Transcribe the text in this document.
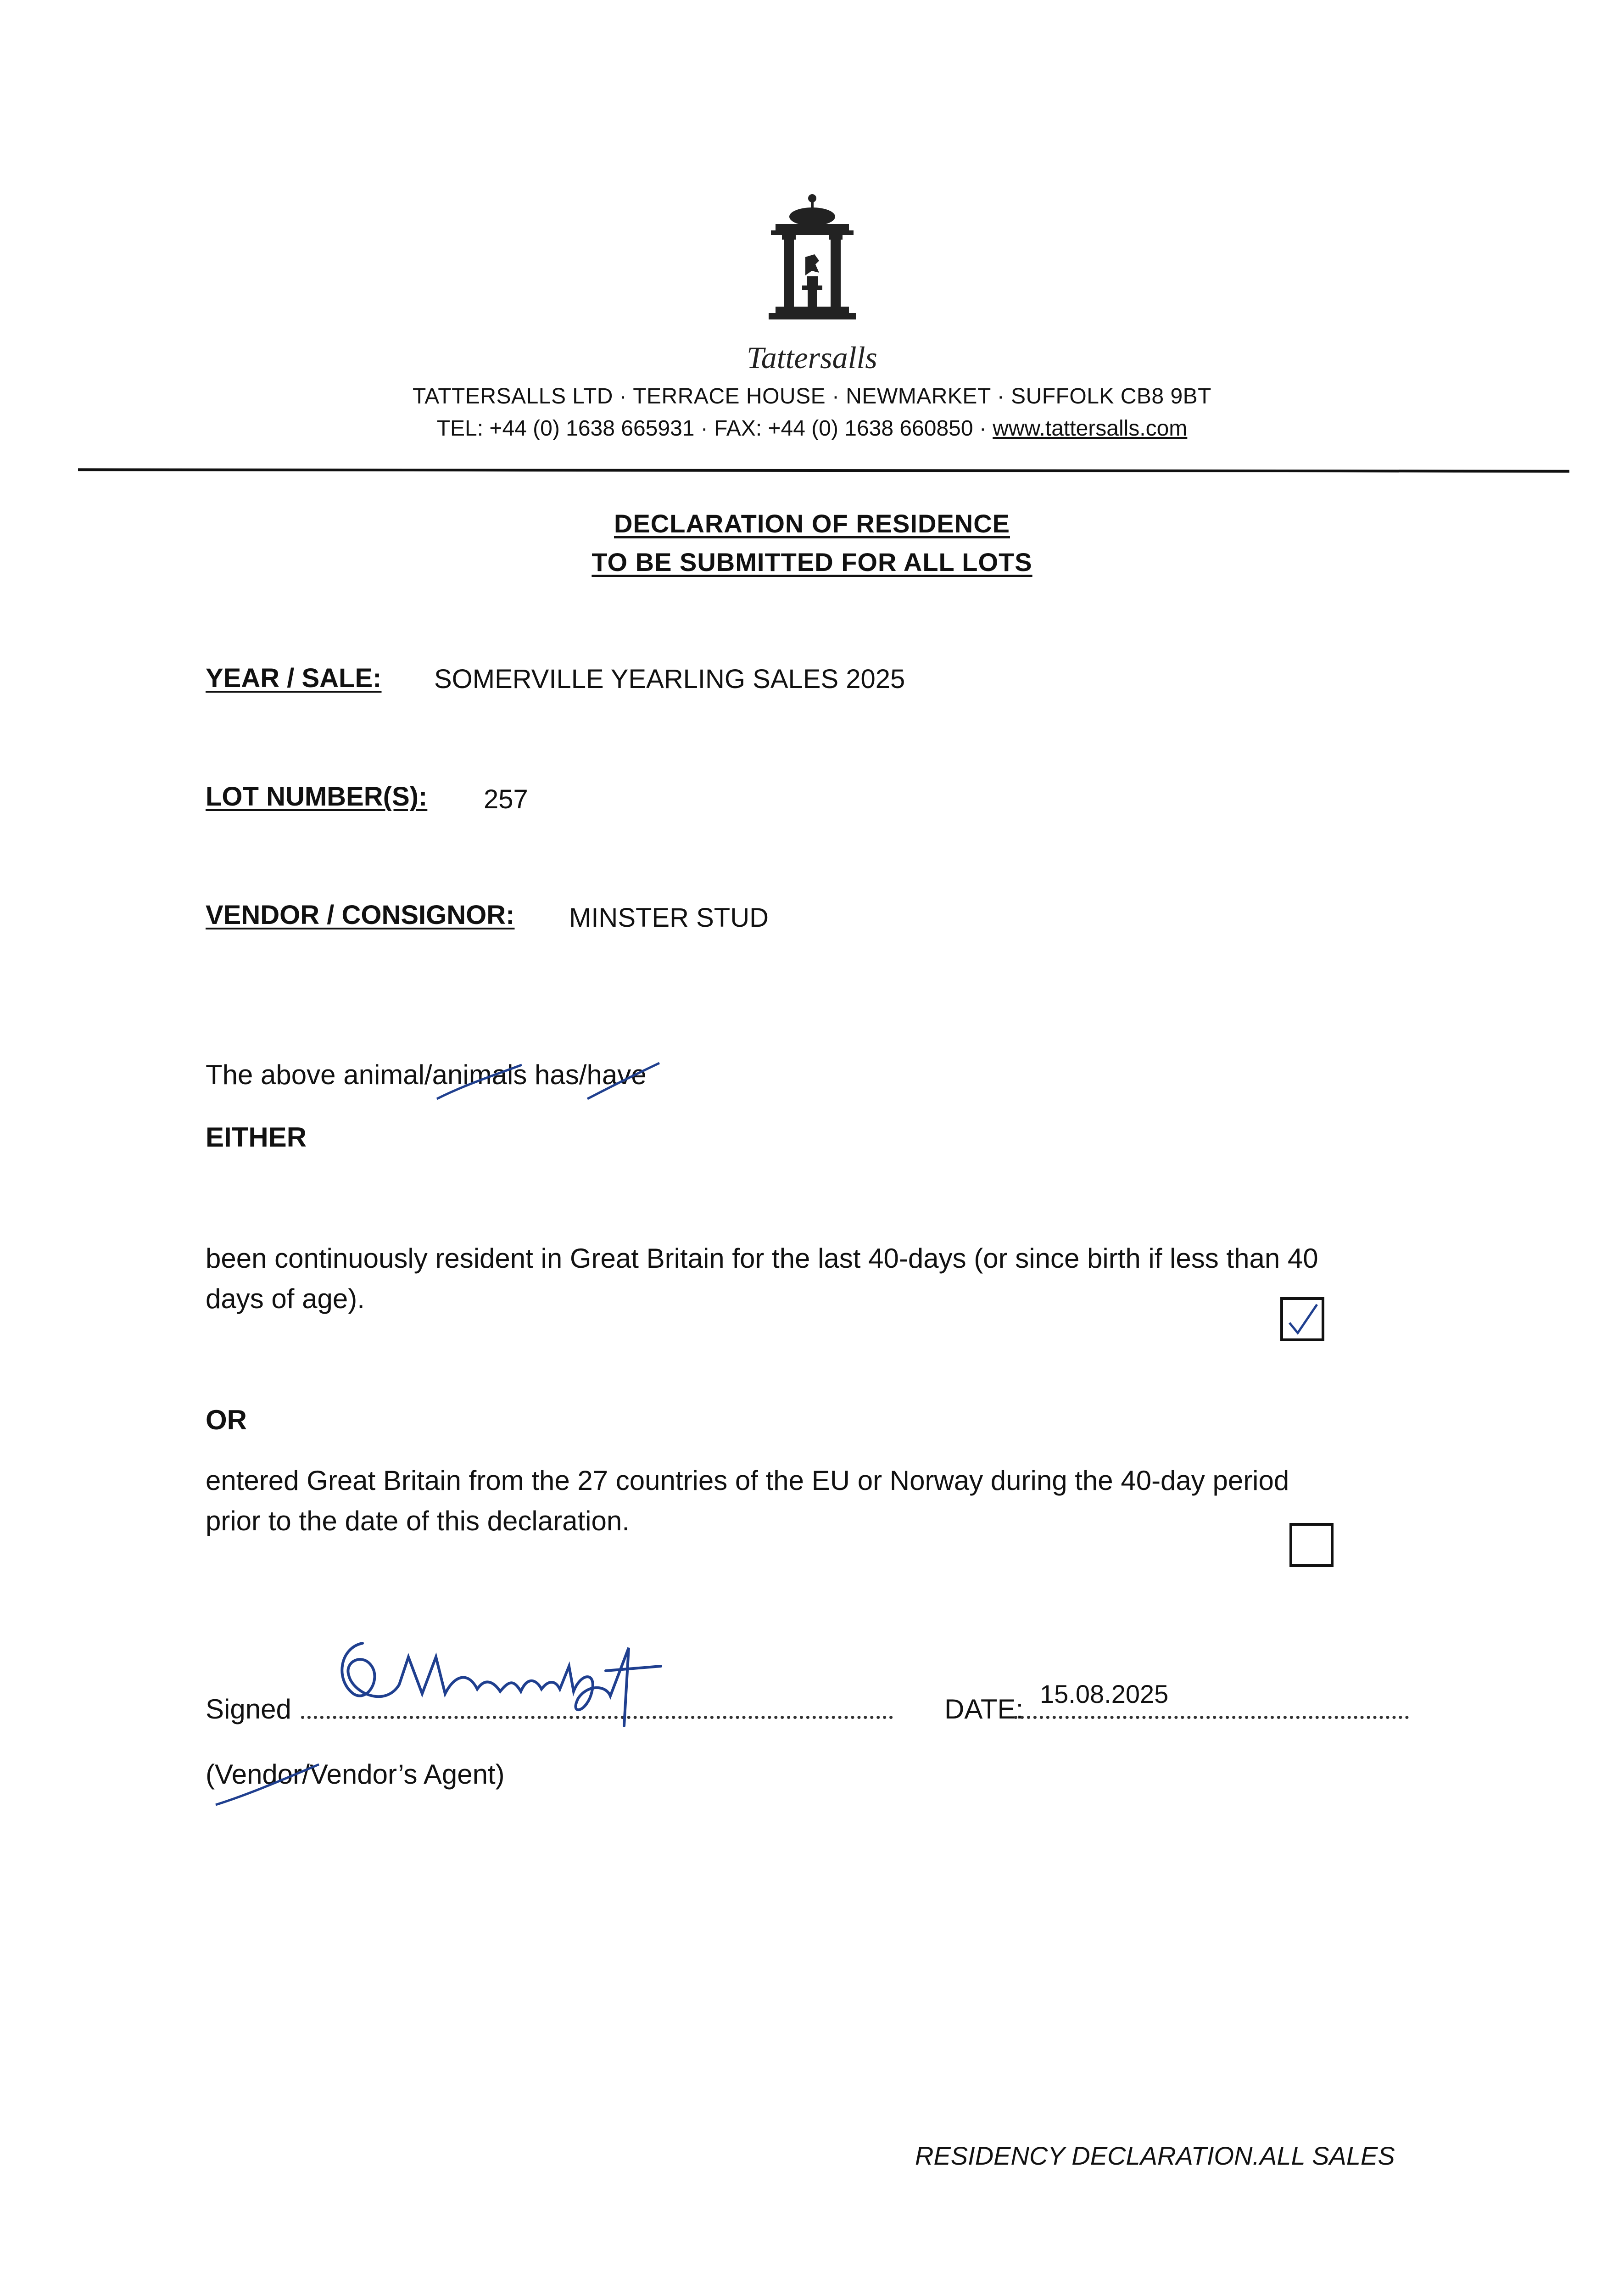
Tattersalls
TATTERSALLS LTD · TERRACE HOUSE · NEWMARKET · SUFFOLK CB8 9BT
TEL: +44 (0) 1638 665931 · FAX: +44 (0) 1638 660850 · www.tattersalls.com
DECLARATION OF RESIDENCE
TO BE SUBMITTED FOR ALL LOTS
YEAR / SALE: SOMERVILLE YEARLING SALES 2025
LOT NUMBER(S): 257
VENDOR / CONSIGNOR: MINSTER STUD
The above animal/animals
has/have
EITHER
been continuously resident in Great Britain for the last 40-days (or since birth if less than 40
days of age).
OR
entered Great Britain from the 27 countries of the EU or Norway during the 40-day period
prior to the date of this declaration.
Signed	DATE: 15.08.2025
(Vendor
/Vendor’s Agent)
RESIDENCY DECLARATION.ALL SALES
